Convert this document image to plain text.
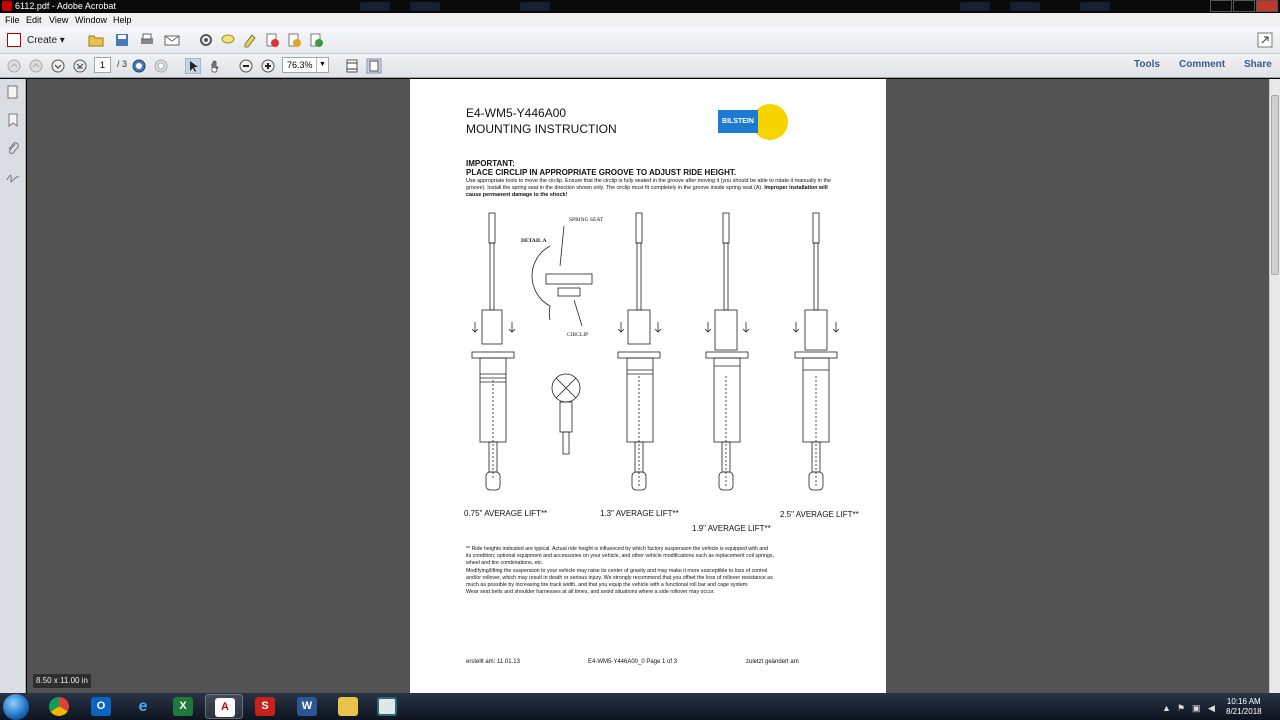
6112.pdf - Adobe Acrobat
File Edit View Window Help
Create ▾
1	/ 3	76.3% ▼	Tools Comment Share
E4-WM5-Y446A00
MOUNTING INSTRUCTION
BILSTEIN
IMPORTANT:
PLACE CIRCLIP IN APPROPRIATE GROOVE TO ADJUST RIDE HEIGHT.
Use appropriate tools to move the circlip. Ensure that the circlip is fully seated in the groove after moving it (you should be able to rotate it manually in the groove). Install the spring seat in the direction shown only. The circlip must fit completely in the groove inside spring seat (A). Improper installation will cause permanent damage to the shock!
DETAIL A
SPRING SEAT
CIRCLIP
0.75" AVERAGE LIFT**	1.3" AVERAGE LIFT**
1.9" AVERAGE LIFT**
2.5" AVERAGE LIFT**
** Ride heights indicated are typical. Actual ride height is influenced by which factory suspension the vehicle is equipped with and
its condition; optional equipment and accessories on your vehicle, and other vehicle modifications such as replacement coil springs,
wheel and tire combinations, etc.
Modifying/lifting the suspension to your vehicle may raise its center of gravity and may make it more susceptible to loss of control
and/or rollover, which may result in death or serious injury. We strongly recommend that you offset the loss of rollover resistance as
much as possible by increasing tire track width, and that you equip the vehicle with a functional roll bar and cage system.
Wear seat belts and shoulder harnesses at all times, and avoid situations where a side rollover may occur.
erstellt am: 11.01.13	E4-WM5-Y446A00_0 Page 1 of 3	zuletzt geändert am
8.50 x 11.00 in
O	e	X	A	S	W	▲ ⚑ ▣ ◀
10:16 AM
8/21/2018
